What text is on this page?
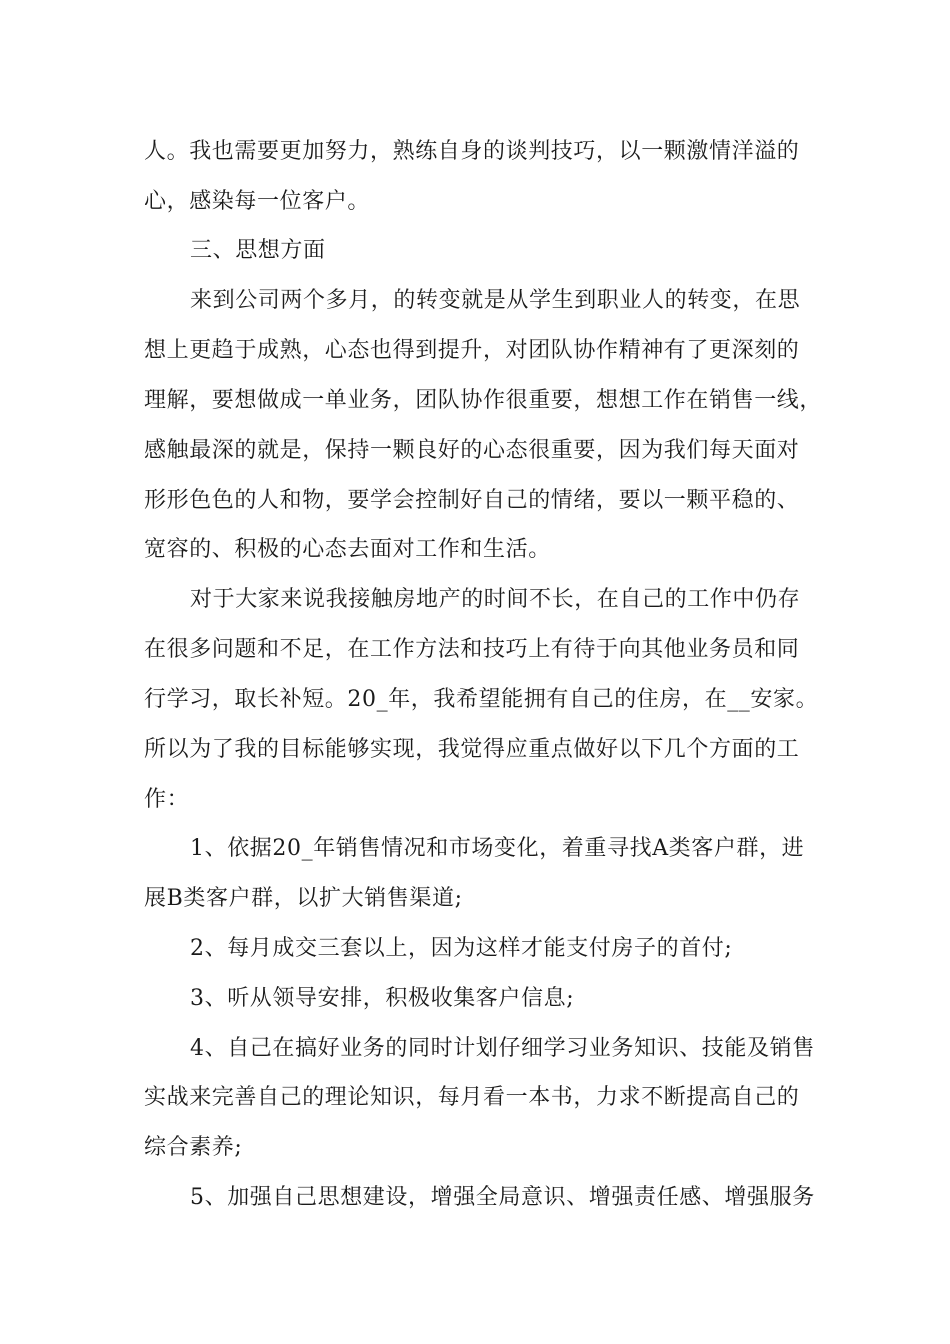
人。我也需要更加努力，熟练自身的谈判技巧，以一颗激情洋溢的
心，感染每一位客户。
三、思想方面
来到公司两个多月，的转变就是从学生到职业人的转变，在思
想上更趋于成熟，心态也得到提升，对团队协作精神有了更深刻的
理解，要想做成一单业务，团队协作很重要，想想工作在销售一线，
感触最深的就是，保持一颗良好的心态很重要，因为我们每天面对
形形色色的人和物，要学会控制好自己的情绪，要以一颗平稳的、
宽容的、积极的心态去面对工作和生活。
对于大家来说我接触房地产的时间不长，在自己的工作中仍存
在很多问题和不足，在工作方法和技巧上有待于向其他业务员和同
行学习，取长补短。20_年，我希望能拥有自己的住房，在__安家。
所以为了我的目标能够实现，我觉得应重点做好以下几个方面的工
作：
1、依据20_年销售情况和市场变化，着重寻找A类客户群，进
展B类客户群，以扩大销售渠道;
2、每月成交三套以上，因为这样才能支付房子的首付;
3、听从领导安排，积极收集客户信息;
4、自己在搞好业务的同时计划仔细学习业务知识、技能及销售
实战来完善自己的理论知识，每月看一本书，力求不断提高自己的
综合素养;
5、加强自己思想建设，增强全局意识、增强责任感、增强服务
